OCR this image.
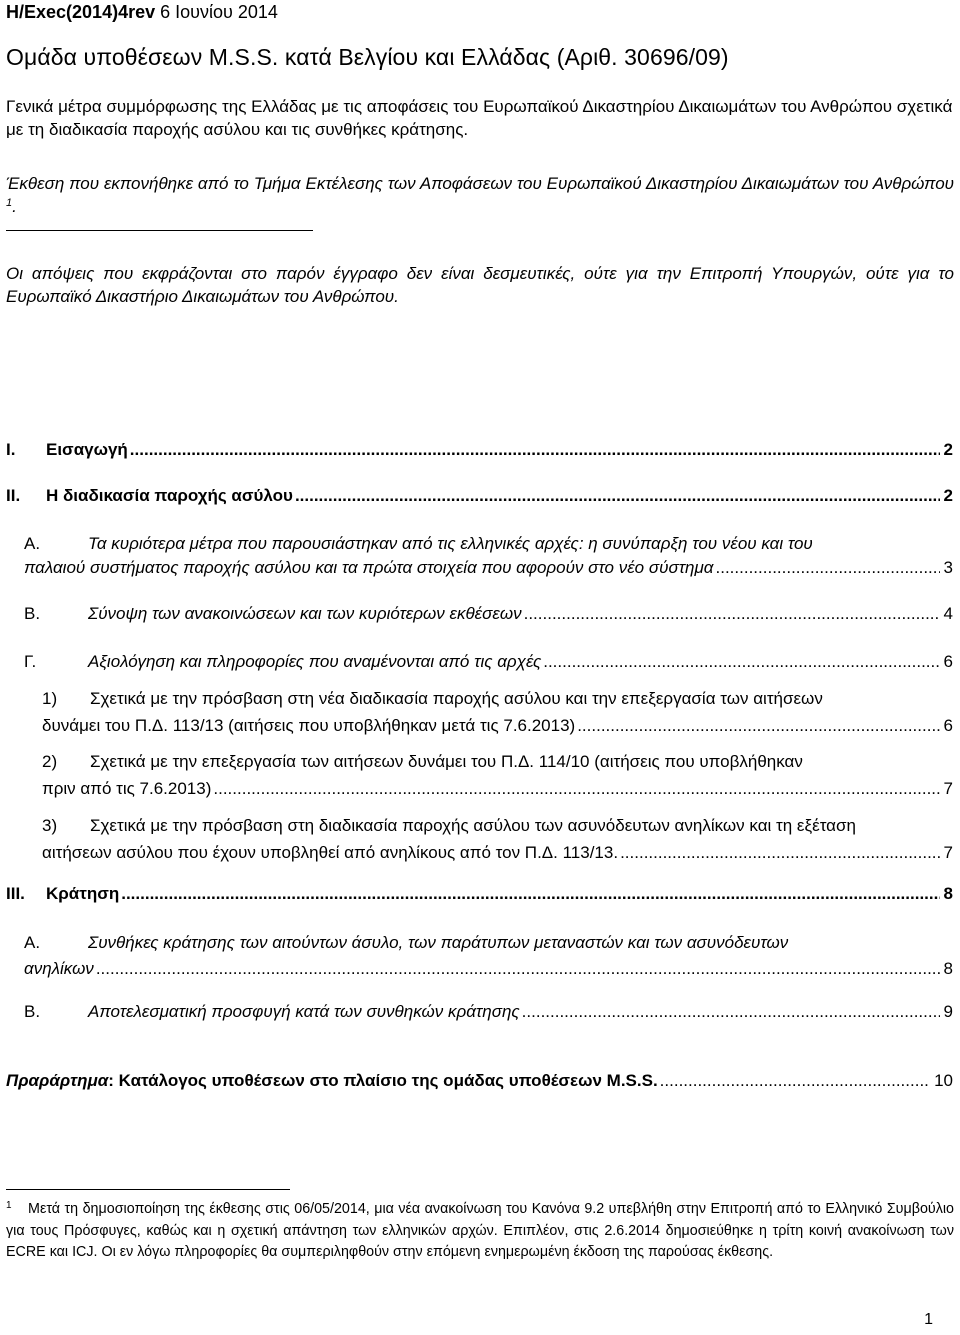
H/Exec(2014)4rev 6 Ιουνίου 2014
Ομάδα υποθέσεων M.S.S. κατά Βελγίου και Ελλάδας (Αριθ. 30696/09)
Γενικά μέτρα συμμόρφωσης της Ελλάδας με τις αποφάσεις του Ευρωπαϊκού Δικαστηρίου Δικαιωμάτων του Ανθρώπου σχετικά με τη διαδικασία παροχής ασύλου και τις συνθήκες κράτησης.
Έκθεση που εκπονήθηκε από το Τμήμα Εκτέλεσης των Αποφάσεων του Ευρωπαϊκού Δικαστηρίου Δικαιωμάτων του Ανθρώπου $^1$.
Οι απόψεις που εκφράζονται στο παρόν έγγραφο δεν είναι δεσμευτικές, ούτε για την Επιτροπή Υπουργών, ούτε για το Ευρωπαϊκό Δικαστήριο Δικαιωμάτων του Ανθρώπου.
I.	Εισαγωγή .....	2
II.	Η διαδικασία παροχής ασύλου .....	2
A.	Τα κυριότερα μέτρα που παρουσιάστηκαν από τις ελληνικές αρχές: η συνύπαρξη του νέου και του
παλαιού συστήματος παροχής ασύλου και τα πρώτα στοιχεία που αφορούν στο νέο σύστημα .....	3
B.	Σύνοψη των ανακοινώσεων και των κυριότερων εκθέσεων .....	4
Γ.	Αξιολόγηση και πληροφορίες που αναμένονται από τις αρχές .....	6
1)	Σχετικά με την πρόσβαση στη νέα διαδικασία παροχής ασύλου και την επεξεργασία των αιτήσεων
δυνάμει του Π.Δ. 113/13 (αιτήσεις που υποβλήθηκαν μετά τις 7.6.2013) .....	6
2)	Σχετικά με την επεξεργασία των αιτήσεων δυνάμει του Π.Δ. 114/10 (αιτήσεις που υποβλήθηκαν
πριν από τις 7.6.2013) .....	7
3)	Σχετικά με την πρόσβαση στη διαδικασία παροχής ασύλου των ασυνόδευτων ανηλίκων και τη εξέταση
αιτήσεων ασύλου που έχουν υποβληθεί από ανηλίκους από τον Π.Δ. 113/13. .....	7
III.	Κράτηση .....	8
A.	Συνθήκες κράτησης των αιτούντων άσυλο, των παράτυπων μεταναστών και των ασυνόδευτων
ανηλίκων .....	8
B.	Αποτελεσματική προσφυγή κατά των συνθηκών κράτησης .....	9
Πραράρτημα : Κατάλογος υποθέσεων στο πλαίσιο της ομάδας υποθέσεων M.S.S. .....	10
$^1$ Μετά τη δημοσιοποίηση της έκθεσης στις 06/05/2014, μια νέα ανακοίνωση του Κανόνα 9.2 υπεβλήθη στην Επιτροπή από το Ελληνικό Συμβούλιο για τους Πρόσφυγες, καθώς και η σχετική απάντηση των ελληνικών αρχών. Επιπλέον, στις 2.6.2014 δημοσιεύθηκε η τρίτη κοινή ανακοίνωση των ECRE και ICJ. Οι εν λόγω πληροφορίες θα συμπεριληφθούν στην επόμενη ενημερωμένη έκδοση της παρούσας έκθεσης.
1
